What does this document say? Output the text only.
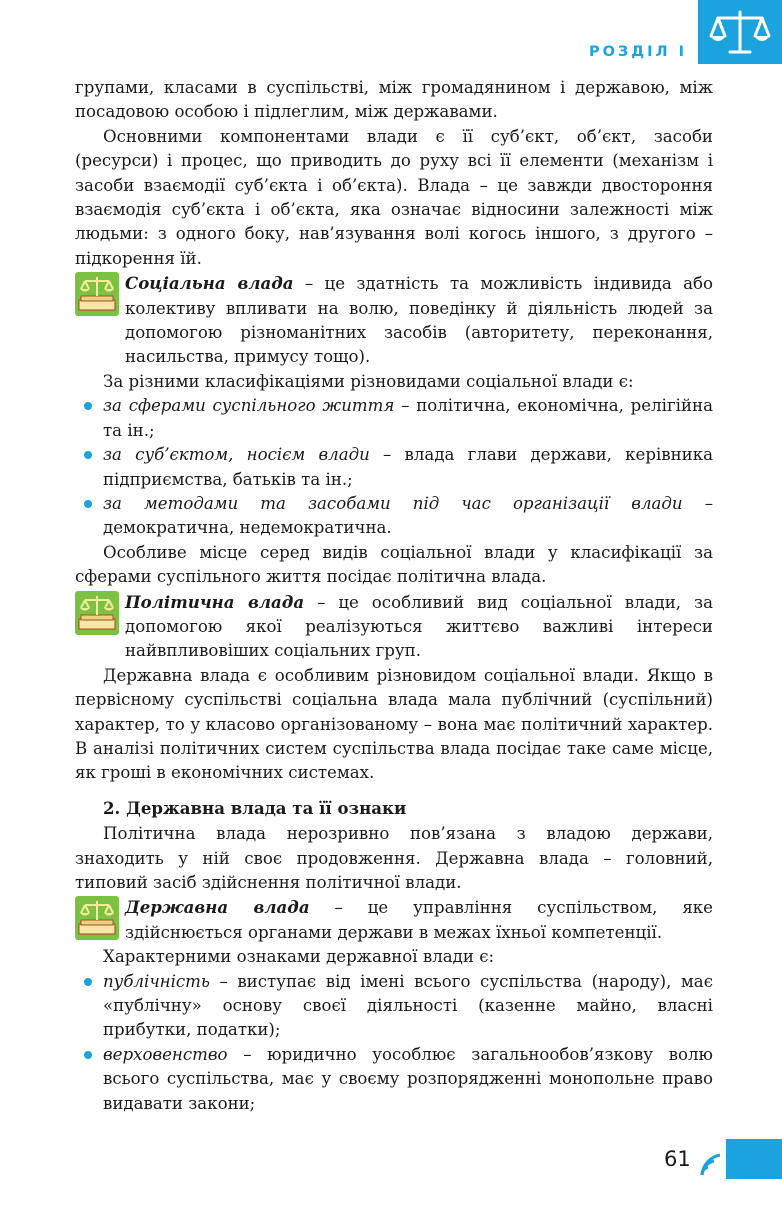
РОЗДІЛ І

групами, класами в суспільстві, між громадянином і державою, між посадовою особою і підлеглим, між державами.

Основними компонентами влади є її суб’єкт, об’єкт, засоби (ресурси) і процес, що приводить до руху всі її елементи (механізм і засоби взаємодії суб’єкта і об’єкта). Влада – це завжди двостороння взаємодія суб’єкта і об’єкта, яка означає відносини залежності між людьми: з одного боку, нав’язування волі когось іншого, з другого – підкорення їй.

Соціальна влада – це здатність та можливість індивида або колективу впливати на волю, поведінку й діяльність людей за допомогою різноманітних засобів (авторитету, переконання, насильства, примусу тощо).

За різними класифікаціями різновидами соціальної влади є:

за сферами суспільного життя – політична, економічна, релігійна та ін.;
за суб’єктом, носієм влади – влада глави держави, керівника підприємства, батьків та ін.;
за методами та засобами під час організації влади – демократична, недемократична.

Особливе місце серед видів соціальної влади у класифікації за сферами суспільного життя посідає політична влада.

Політична влада – це особливий вид соціальної влади, за допомогою якої реалізуються життєво важливі інтереси найвпливовіших соціальних груп.

Державна влада є особливим різновидом соціальної влади. Якщо в первісному суспільстві соціальна влада мала публічний (суспільний) характер, то у класово організованому – вона має політичний характер. В аналізі політичних систем суспільства влада посідає таке саме місце, як гроші в економічних системах.

2. Державна влада та її ознаки

Політична влада нерозривно пов’язана з владою держави, знаходить у ній своє продовження. Державна влада – головний, типовий засіб здійснення політичної влади.

Державна влада – це управління суспільством, яке здійснюється органами держави в межах їхньої компетенції.

Характерними ознаками державної влади є:

публічність – виступає від імені всього суспільства (народу), має «публічну» основу своєї діяльності (казенне майно, власні прибутки, податки);
верховенство – юридично уособлює загальнообов’язкову волю всього суспільства, має у своєму розпорядженні монопольне право видавати закони;
61
